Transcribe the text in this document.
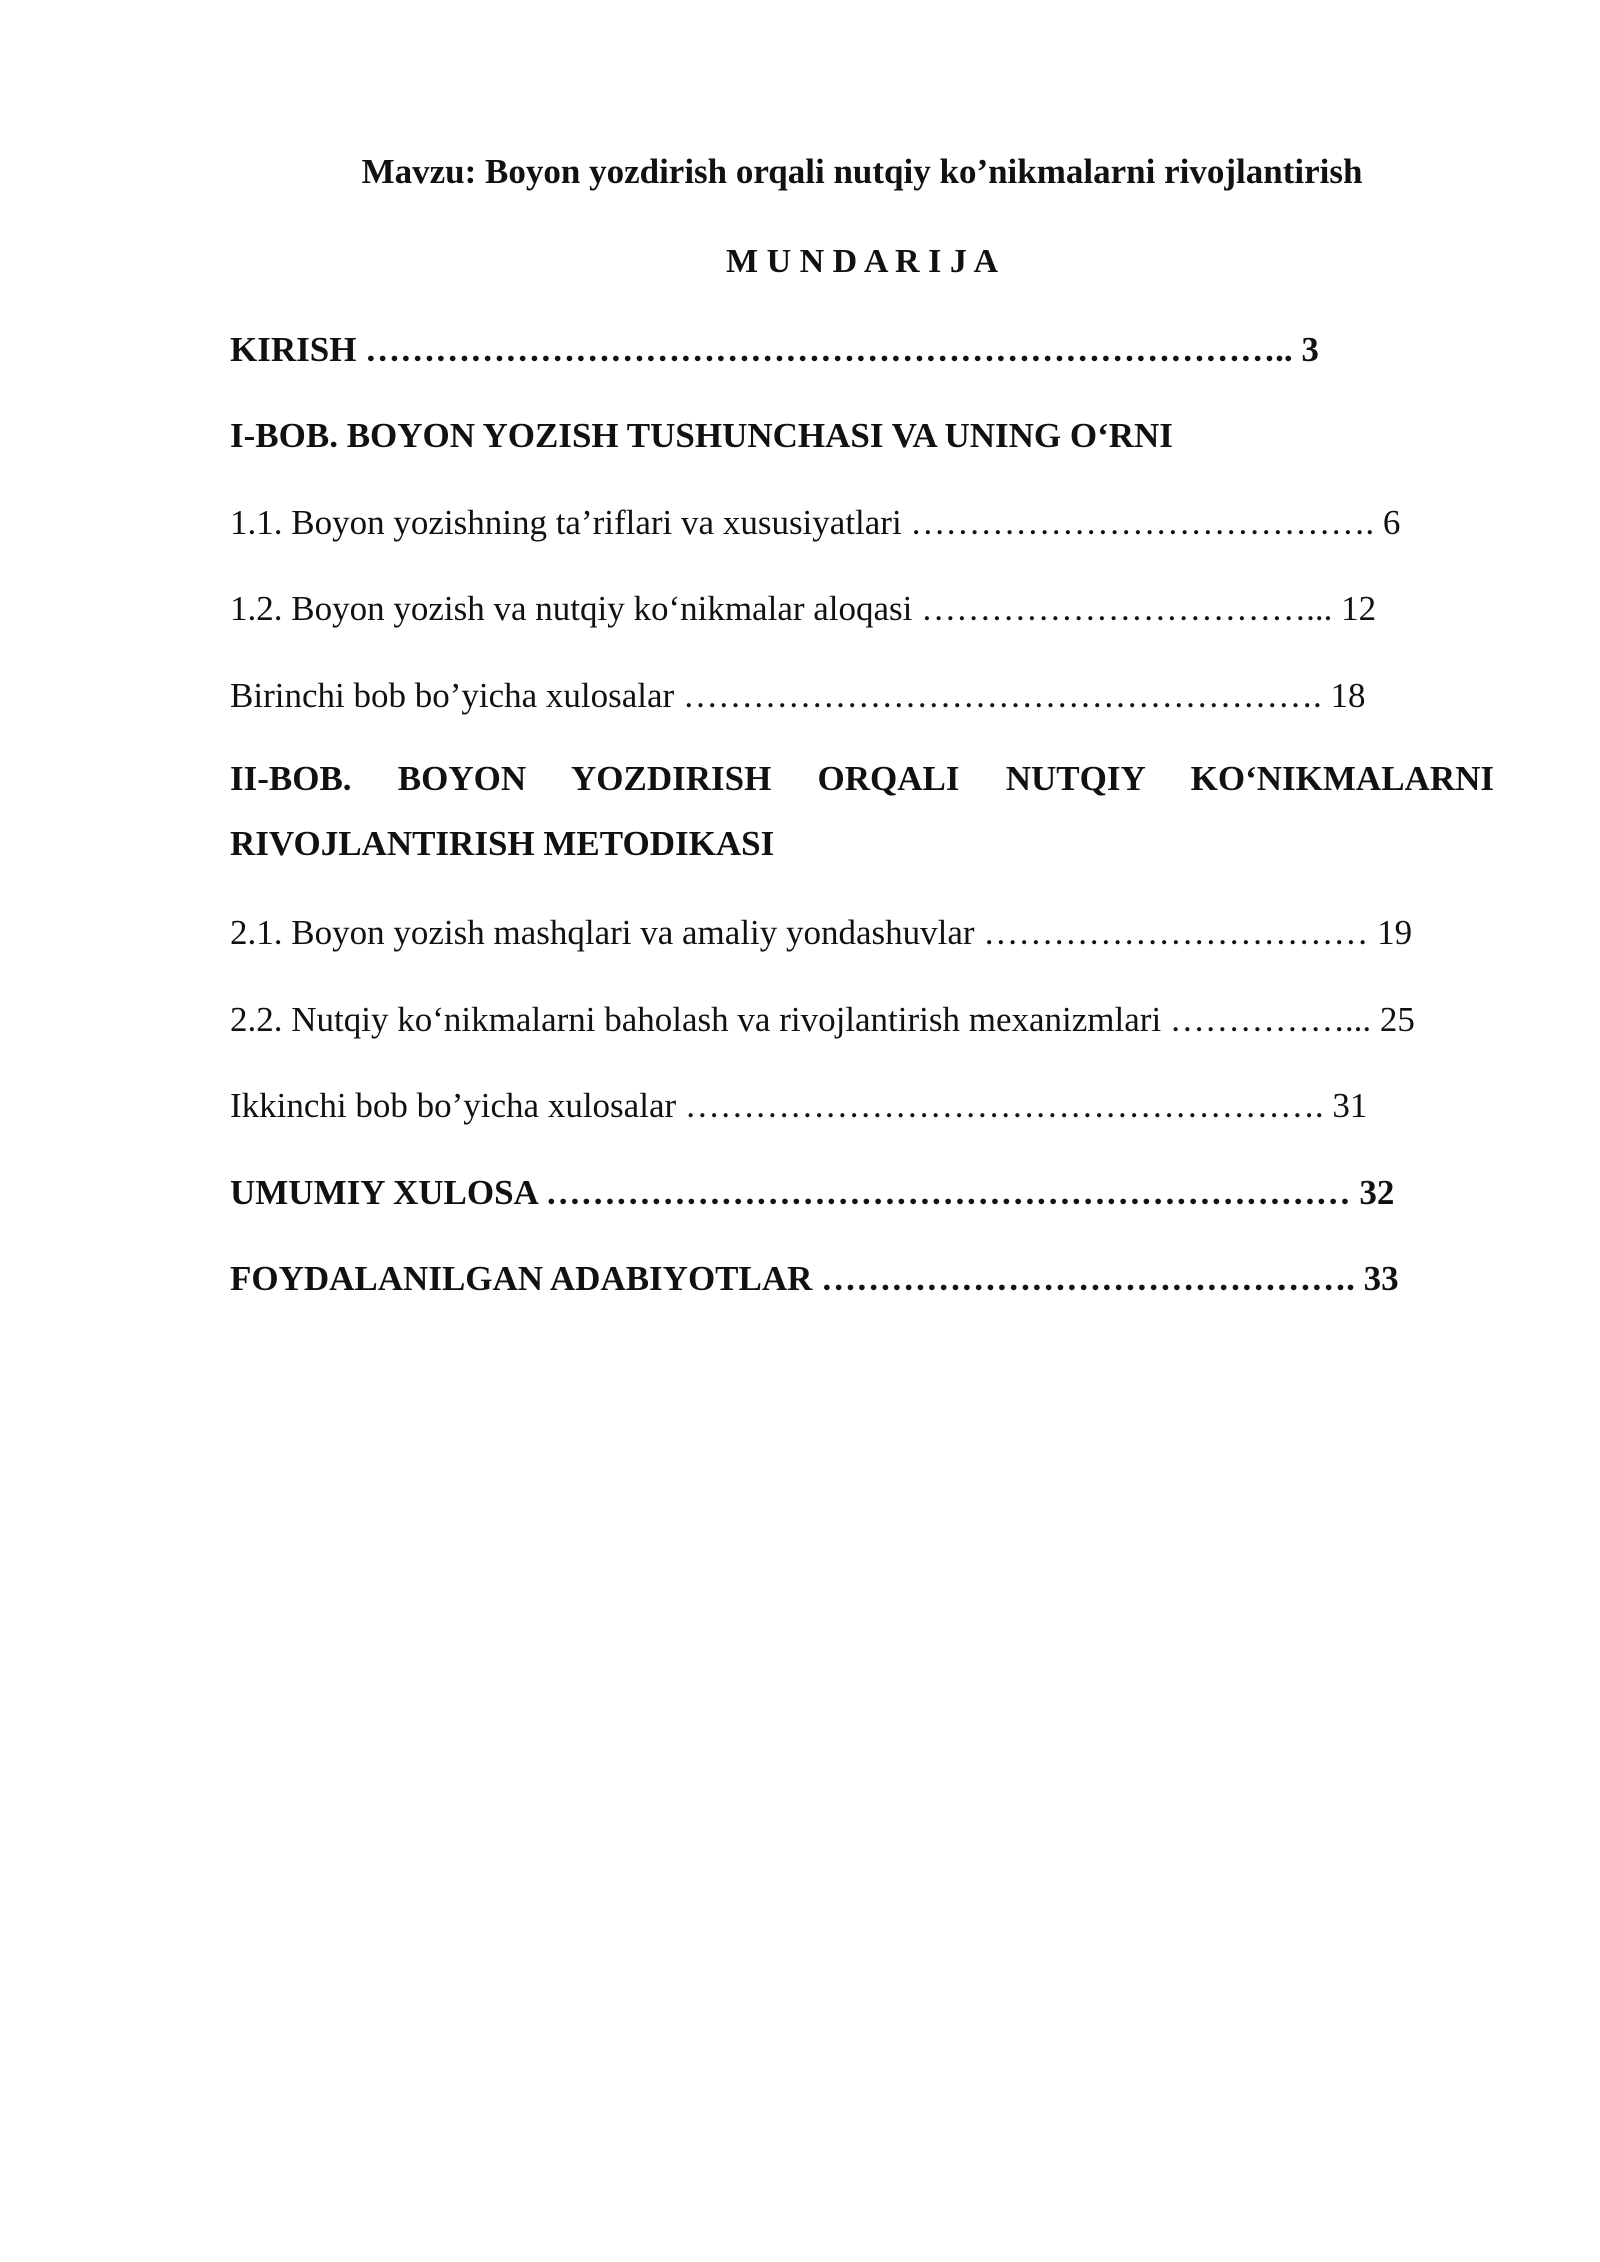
Mavzu: Boyon yozdirish orqali nutqiy ko’nikmalarni rivojlantirish
M U N D A R I J A
KIRISH …………………………………………………………………….. 3
I-BOB. BOYON YOZISH TUSHUNCHASI VA UNING O‘RNI
1.1. Boyon yozishning ta’riflari va xususiyatlari …………………………………. 6
1.2. Boyon yozish va nutqiy ko‘nikmalar aloqasi ……………………………... 12
Birinchi bob bo’yicha xulosalar ………………………………………………. 18
II-BOB. BOYON YOZDIRISH ORQALI NUTQIY KO‘NIKMALARNI RIVOJLANTIRISH METODIKASI
2.1. Boyon yozish mashqlari va amaliy yondashuvlar …………………………… 19
2.2. Nutqiy ko‘nikmalarni baholash va rivojlantirish mexanizmlari ……………... 25
Ikkinchi bob bo’yicha xulosalar ………………………………………………. 31
UMUMIY XULOSA …………………………………………………………… 32
FOYDALANILGAN ADABIYOTLAR ………………………………………. 33
